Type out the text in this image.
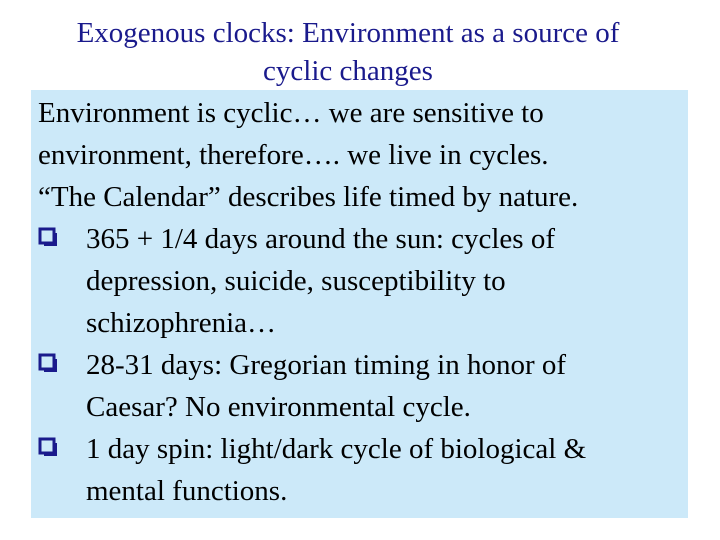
Exogenous clocks: Environment as a source of
cyclic changes

Environment is cyclic… we are sensitive to

environment, therefore…. we live in cycles.

“The Calendar” describes life timed by nature.

365 + 1/4 days around the sun: cycles of
depression, suicide, susceptibility to
schizophrenia…
28-31 days: Gregorian timing in honor of
Caesar? No environmental cycle.
1 day spin: light/dark cycle of biological &
mental functions.
